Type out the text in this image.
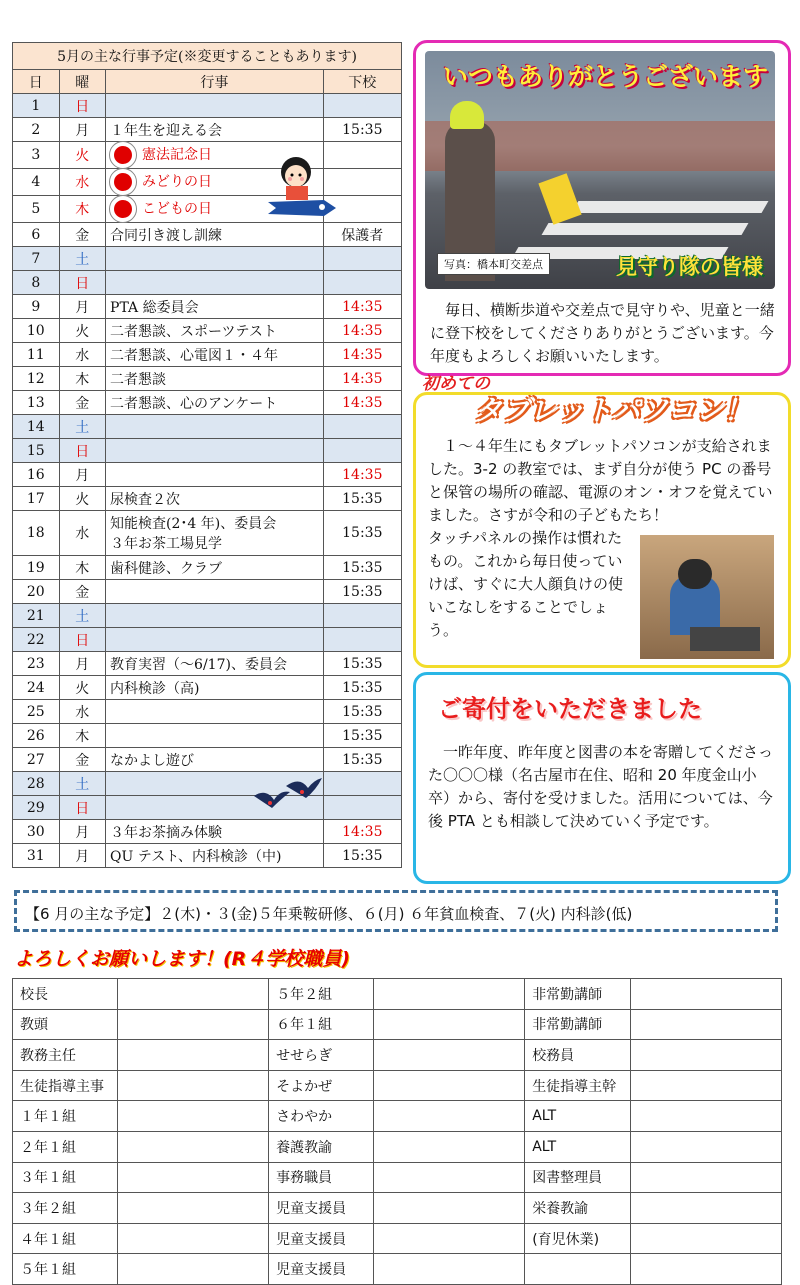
5月の主な行事予定(※変更することもあります)			
日	曜	行事	下校
1	日		
2	月	１年生を迎える会	15:35
3	火	憲法記念日	
4	水	みどりの日	
5	木	こどもの日	
6	金	合同引き渡し訓練	保護者
7	土		
8	日		
9	月	PTA 総委員会	14:35
10	火	二者懇談、スポーツテスト	14:35
11	水	二者懇談、心電図１・４年	14:35
12	木	二者懇談	14:35
13	金	二者懇談、心のアンケート	14:35
14	土		
15	日		
16	月		14:35
17	火	尿検査２次	15:35
18	水	知能検査(2･4 年)、委員会
３年お茶工場見学	15:35
19	木	歯科健診、クラブ	15:35
20	金		15:35
21	土		
22	日		
23	月	教育実習（～6/17)、委員会	15:35
24	火	内科検診（高)	15:35
25	水		15:35
26	木		15:35
27	金	なかよし遊び	15:35
28	土		
29	日		
30	月	３年お茶摘み体験	14:35
31	月	QU テスト、内科検診（中)	15:35
いつもありがとうございます
写真：橋本町交差点	見守り隊の皆様
毎日、横断歩道や交差点で見守りや、児童と一緒に登下校をしてくださりありがとうございます。今年度もよろしくお願いいたします。
初めての
タブレットパソコン！
１～４年生にもタブレットパソコンが支給されました。3-2 の教室では、まず自分が使う PC の番号と保管の場所の確認、電源のオン・オフを覚えていました。さすが令和の子どもたち！
タッチパネルの操作は慣れたもの。これから毎日使っていけば、すぐに大人顔負けの使いこなしをすることでしょう。
ご寄付をいただきました
一昨年度、昨年度と図書の本を寄贈してくださった〇〇〇様（名古屋市在住、昭和 20 年度金山小卒）から、寄付を受けました。活用については、今後 PTA とも相談して決めていく予定です。
【6 月の主な予定】２(木)・３(金)５年乗鞍研修、６(月) ６年貧血検査、７(火) 内科診(低)
よろしくお願いします！(R４学校職員)
校長		５年２組		非常勤講師	
教頭		６年１組		非常勤講師	
教務主任		せせらぎ		校務員	
生徒指導主事		そよかぜ		生徒指導主幹	
１年１組		さわやか		ALT	
２年１組		養護教諭		ALT	
３年１組		事務職員		図書整理員	
３年２組		児童支援員		栄養教諭	
４年１組		児童支援員		(育児休業)	
５年１組		児童支援員			
